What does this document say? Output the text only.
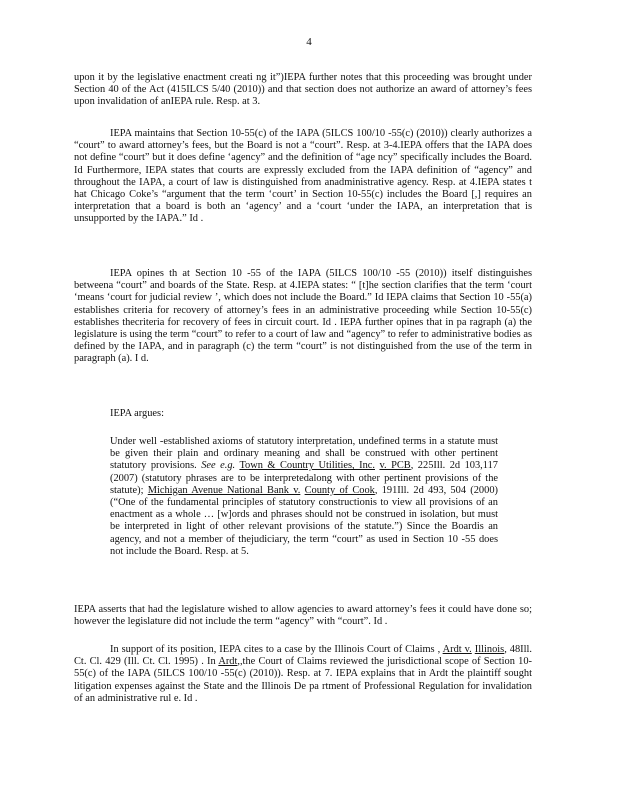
4

upon it by the legislative enactment creati ng it”)IEPA further notes that this proceeding was brought under Section 40 of the Act (415ILCS 5/40 (2010)) and that section does not authorize an award of attorney’s fees upon invalidation of anIEPA rule. Resp. at 3.

IEPA maintains that Section 10-55(c) of the IAPA (5ILCS 100/10 -55(c) (2010)) clearly authorizes a “court” to award attorney’s fees, but the Board is not a “court”. Resp. at 3-4.IEPA offers that the IAPA does not define “court” but it does define ‘agency” and the definition of “age ncy” specifically includes the Board. Id Furthermore, IEPA states that courts are expressly excluded from the IAPA definition of “agency” and throughout the IAPA, a court of law is distinguished from anadministrative agency. Resp. at 4.IEPA states t hat Chicago Coke’s “argument that the term ‘court’ in Section 10-55(c) includes the Board [,] requires an interpretation that a board is both an ‘agency’ and a ‘court ‘under the IAPA, an interpretation that is unsupported by the IAPA.” Id .

IEPA opines th at Section 10 -55 of the IAPA (5ILCS 100/10 -55 (2010)) itself distinguishes betweena “court” and boards of the State. Resp. at 4.IEPA states: “ [t]he section clarifies that the term ‘court ‘means ‘court for judicial review ’, which does not include the Board.” Id IEPA claims that Section 10 -55(a) establishes criteria for recovery of attorney’s fees in an administrative proceeding while Section 10-55(c) establishes thecriteria for recovery of fees in circuit court. Id . IEPA further opines that in pa ragraph (a) the legislature is using the term “court” to refer to a court of law and “agency” to refer to administrative bodies as defined by the IAPA, and in paragraph (c) the term “court” is not distinguished from the use of the term in paragraph (a). I d.

IEPA argues:

Under well -established axioms of statutory interpretation, undefined terms in a statute must be given their plain and ordinary meaning and shall be construed with other pertinent statutory provisions. See e.g. Town & Country Utilities, Inc. v. PCB, 225Ill. 2d 103,117 (2007) (statutory phrases are to be interpretedalong with other pertinent provisions of the statute); Michigan Avenue National Bank v. County of Cook, 191Ill. 2d 493, 504 (2000) (“One of the fundamental principles of statutory constructionis to view all provisions of an enactment as a whole … [w]ords and phrases should not be construed in isolation, but must be interpreted in light of other relevant provisions of the statute.”) Since the Boardis an agency, and not a member of thejudiciary, the term “court” as used in Section 10 -55 does not include the Board. Resp. at 5.

IEPA asserts that had the legislature wished to allow agencies to award attorney’s fees it could have done so; however the legislature did not include the term “agency” with “court”. Id .

In support of its position, IEPA cites to a case by the Illinois Court of Claims , Ardt v. Illinois, 48Ill. Ct. Cl. 429 (Ill. Ct. Cl. 1995) . In Ardt,,the Court of Claims reviewed the jurisdictional scope of Section 10-55(c) of the IAPA (5ILCS 100/10 -55(c) (2010)). Resp. at 7. IEPA explains that in Ardt the plaintiff sought litigation expenses against the State and the Illinois De pa rtment of Professional Regulation for invalidation of an administrative rul e. Id .
